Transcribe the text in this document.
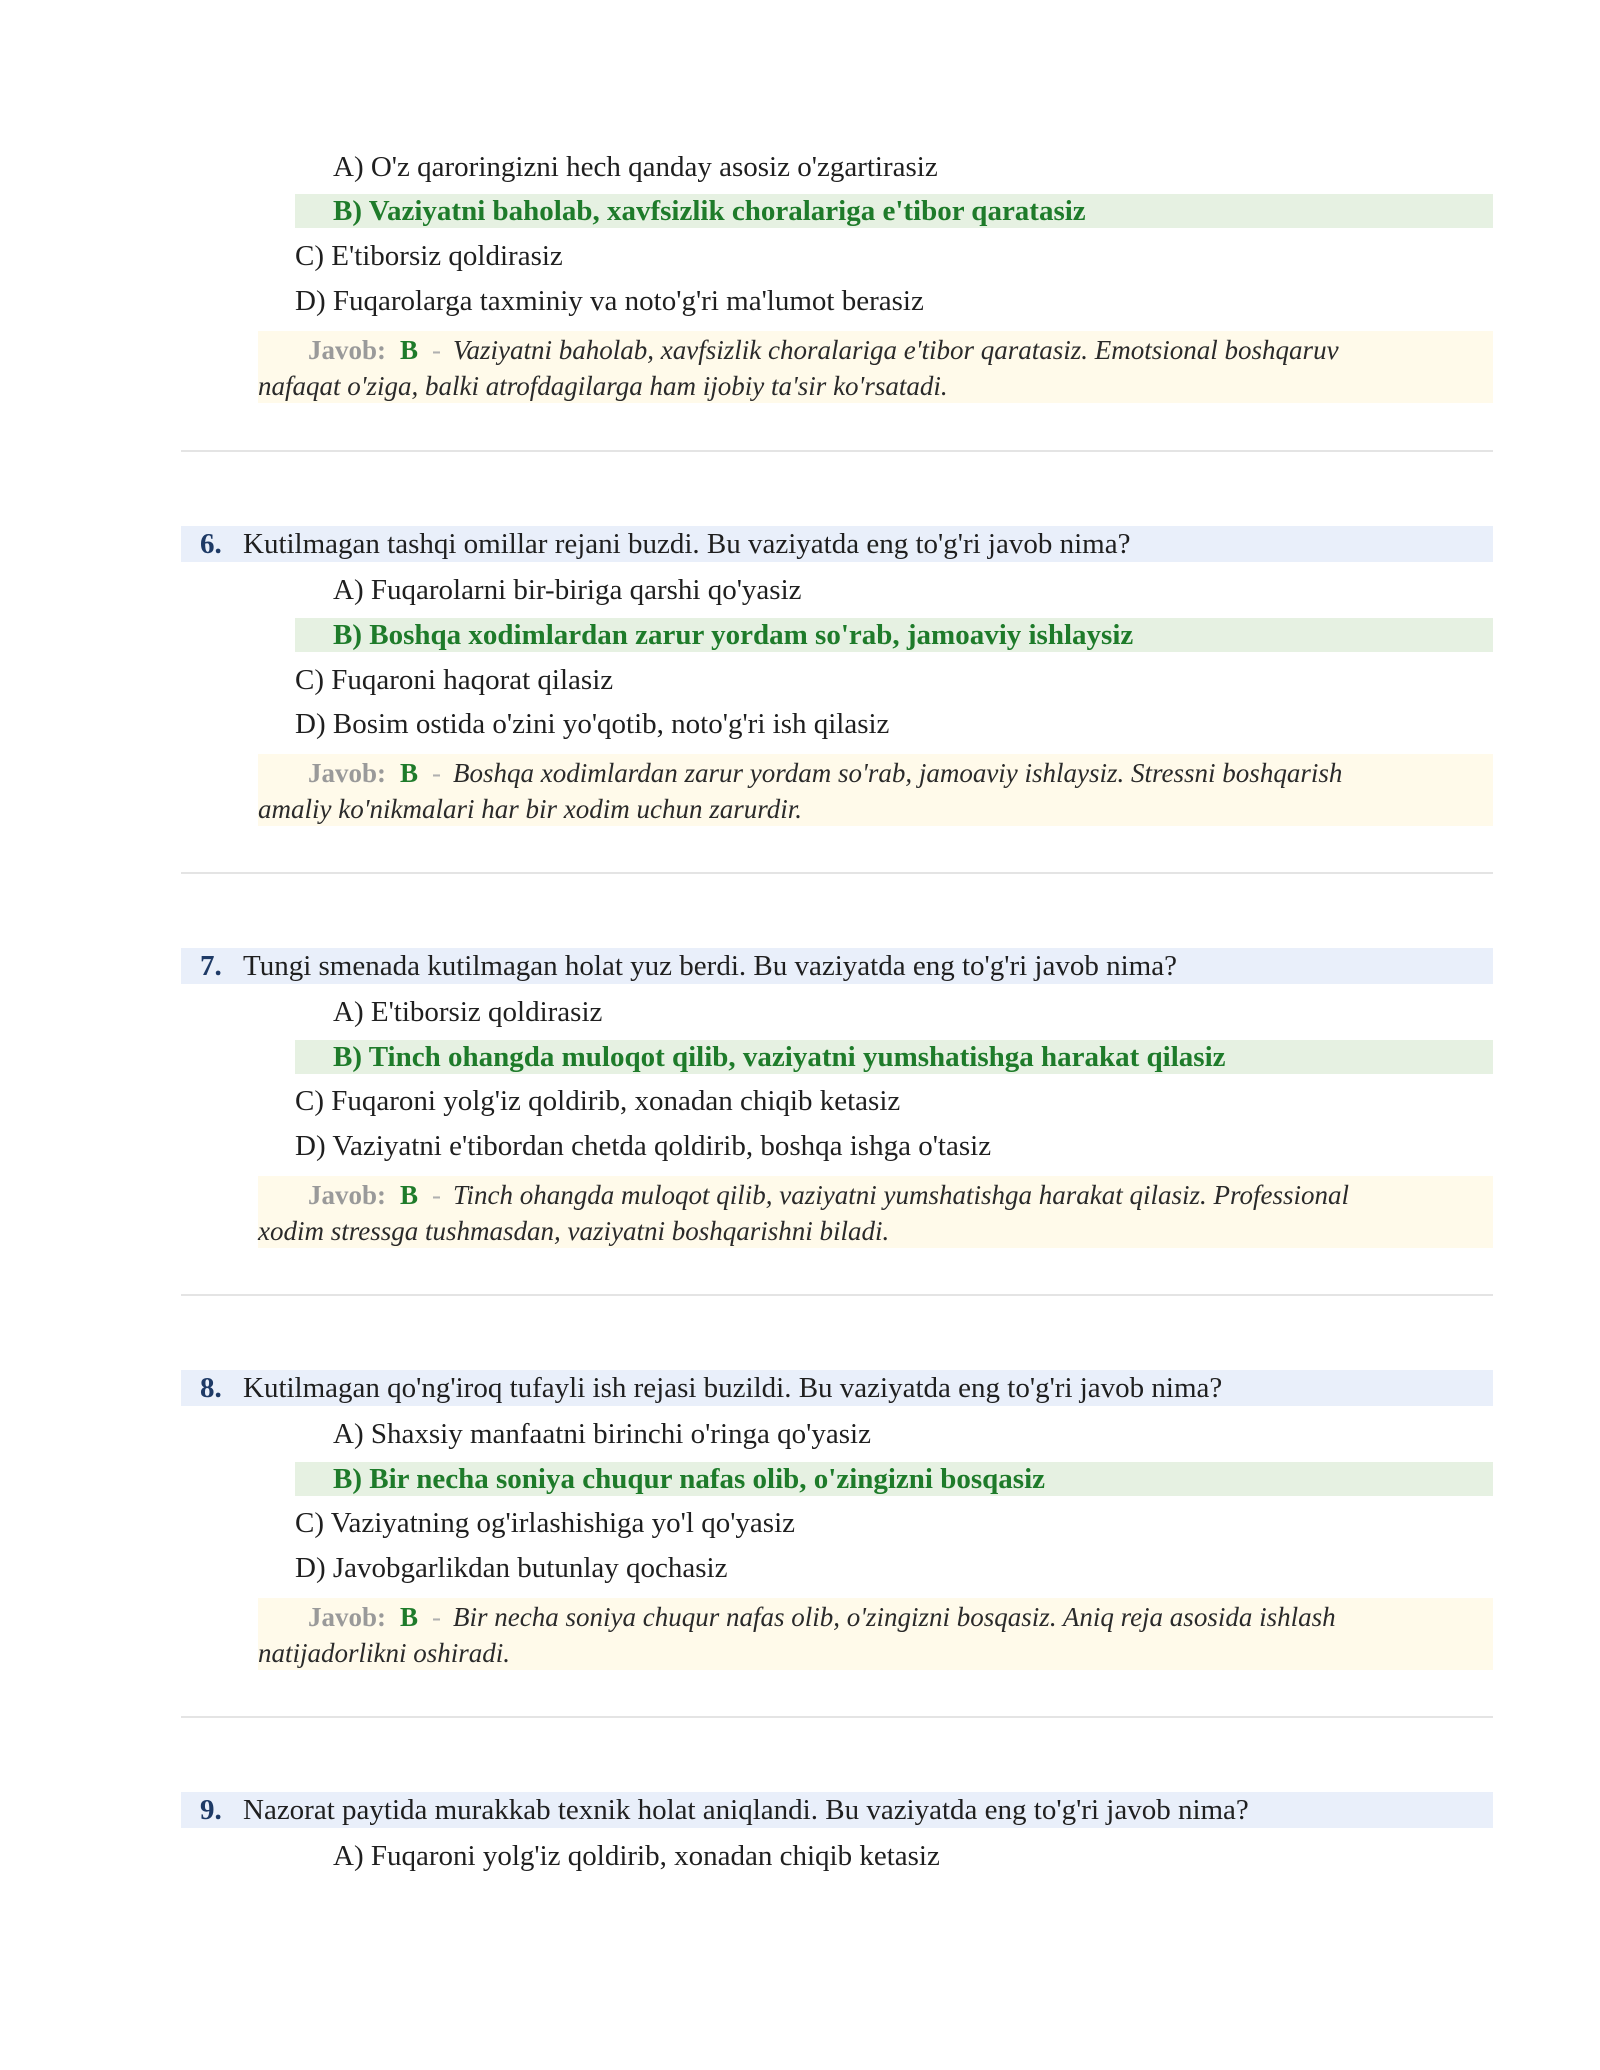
A) O'z qaroringizni hech qanday asosiz o'zgartirasiz
B) Vaziyatni baholab, xavfsizlik choralariga e'tibor qaratasiz
C) E'tiborsiz qoldirasiz
D) Fuqarolarga taxminiy va noto'g'ri ma'lumot berasiz
Javob: B - Vaziyatni baholab, xavfsizlik choralariga e'tibor qaratasiz. Emotsional boshqaruv
nafaqat o'ziga, balki atrofdagilarga ham ijobiy ta'sir ko'rsatadi.
6. Kutilmagan tashqi omillar rejani buzdi. Bu vaziyatda eng to'g'ri javob nima?
A) Fuqarolarni bir-biriga qarshi qo'yasiz
B) Boshqa xodimlardan zarur yordam so'rab, jamoaviy ishlaysiz
C) Fuqaroni haqorat qilasiz
D) Bosim ostida o'zini yo'qotib, noto'g'ri ish qilasiz
Javob: B - Boshqa xodimlardan zarur yordam so'rab, jamoaviy ishlaysiz. Stressni boshqarish
amaliy ko'nikmalari har bir xodim uchun zarurdir.
7. Tungi smenada kutilmagan holat yuz berdi. Bu vaziyatda eng to'g'ri javob nima?
A) E'tiborsiz qoldirasiz
B) Tinch ohangda muloqot qilib, vaziyatni yumshatishga harakat qilasiz
C) Fuqaroni yolg'iz qoldirib, xonadan chiqib ketasiz
D) Vaziyatni e'tibordan chetda qoldirib, boshqa ishga o'tasiz
Javob: B - Tinch ohangda muloqot qilib, vaziyatni yumshatishga harakat qilasiz. Professional
xodim stressga tushmasdan, vaziyatni boshqarishni biladi.
8. Kutilmagan qo'ng'iroq tufayli ish rejasi buzildi. Bu vaziyatda eng to'g'ri javob nima?
A) Shaxsiy manfaatni birinchi o'ringa qo'yasiz
B) Bir necha soniya chuqur nafas olib, o'zingizni bosqasiz
C) Vaziyatning og'irlashishiga yo'l qo'yasiz
D) Javobgarlikdan butunlay qochasiz
Javob: B - Bir necha soniya chuqur nafas olib, o'zingizni bosqasiz. Aniq reja asosida ishlash
natijadorlikni oshiradi.
9. Nazorat paytida murakkab texnik holat aniqlandi. Bu vaziyatda eng to'g'ri javob nima?
A) Fuqaroni yolg'iz qoldirib, xonadan chiqib ketasiz
